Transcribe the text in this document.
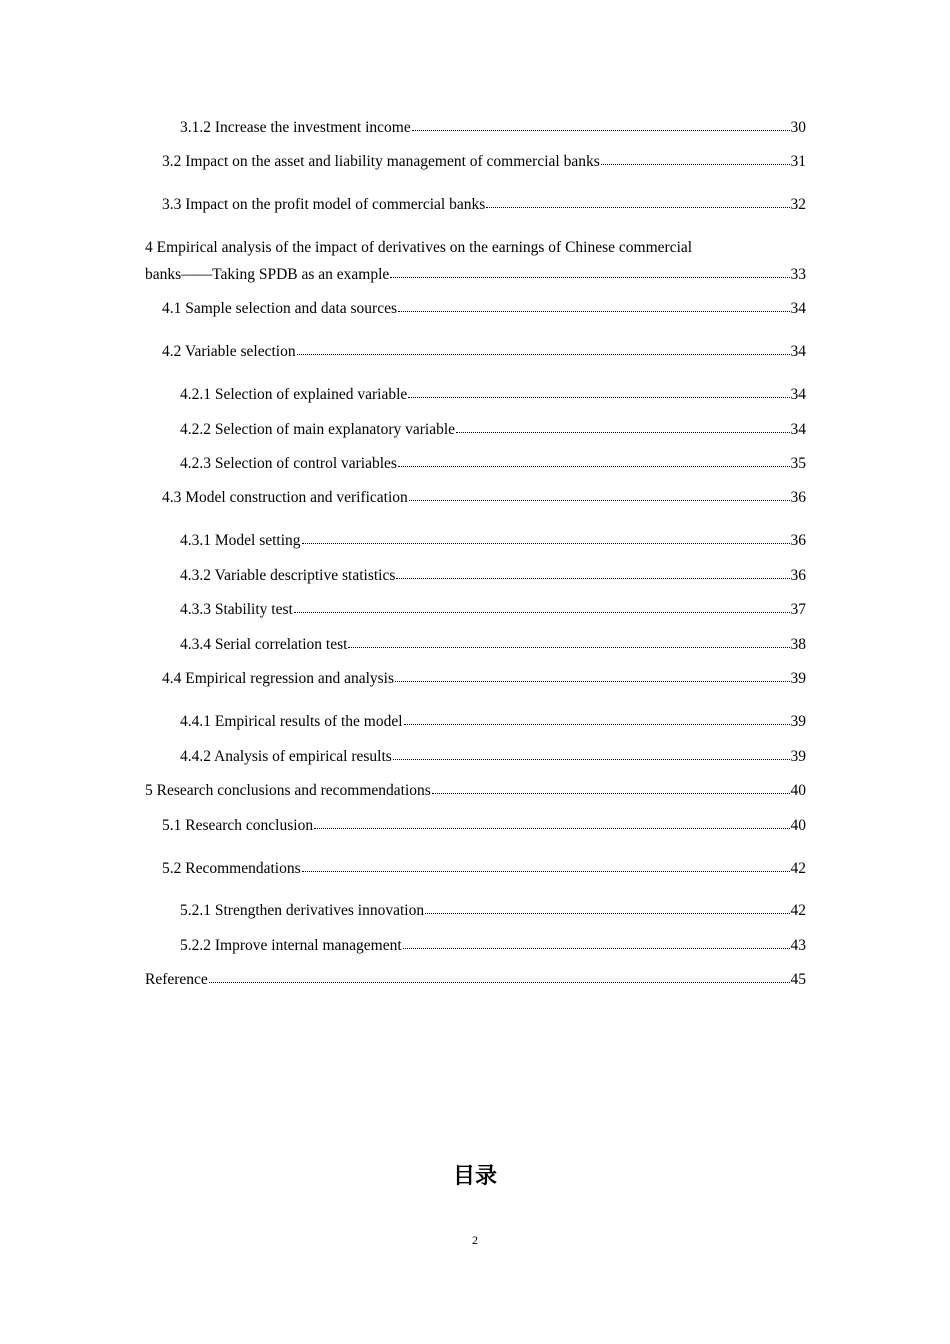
3.1.2 Increase the investment income	30
3.2 Impact on the asset and liability management of commercial banks	31
3.3 Impact on the profit model of commercial banks	32
4 Empirical analysis of the impact of derivatives on the earnings of Chinese commercial
banks——Taking SPDB as an example	33
4.1 Sample selection and data sources	34
4.2 Variable selection	34
4.2.1 Selection of explained variable	34
4.2.2 Selection of main explanatory variable	34
4.2.3 Selection of control variables	35
4.3 Model construction and verification	36
4.3.1 Model setting	36
4.3.2 Variable descriptive statistics	36
4.3.3 Stability test	37
4.3.4 Serial correlation test	38
4.4 Empirical regression and analysis	39
4.4.1 Empirical results of the model	39
4.4.2 Analysis of empirical results	39
5 Research conclusions and recommendations	40
5.1 Research conclusion	40
5.2 Recommendations	42
5.2.1 Strengthen derivatives innovation	42
5.2.2 Improve internal management	43
Reference	45
目录
2
